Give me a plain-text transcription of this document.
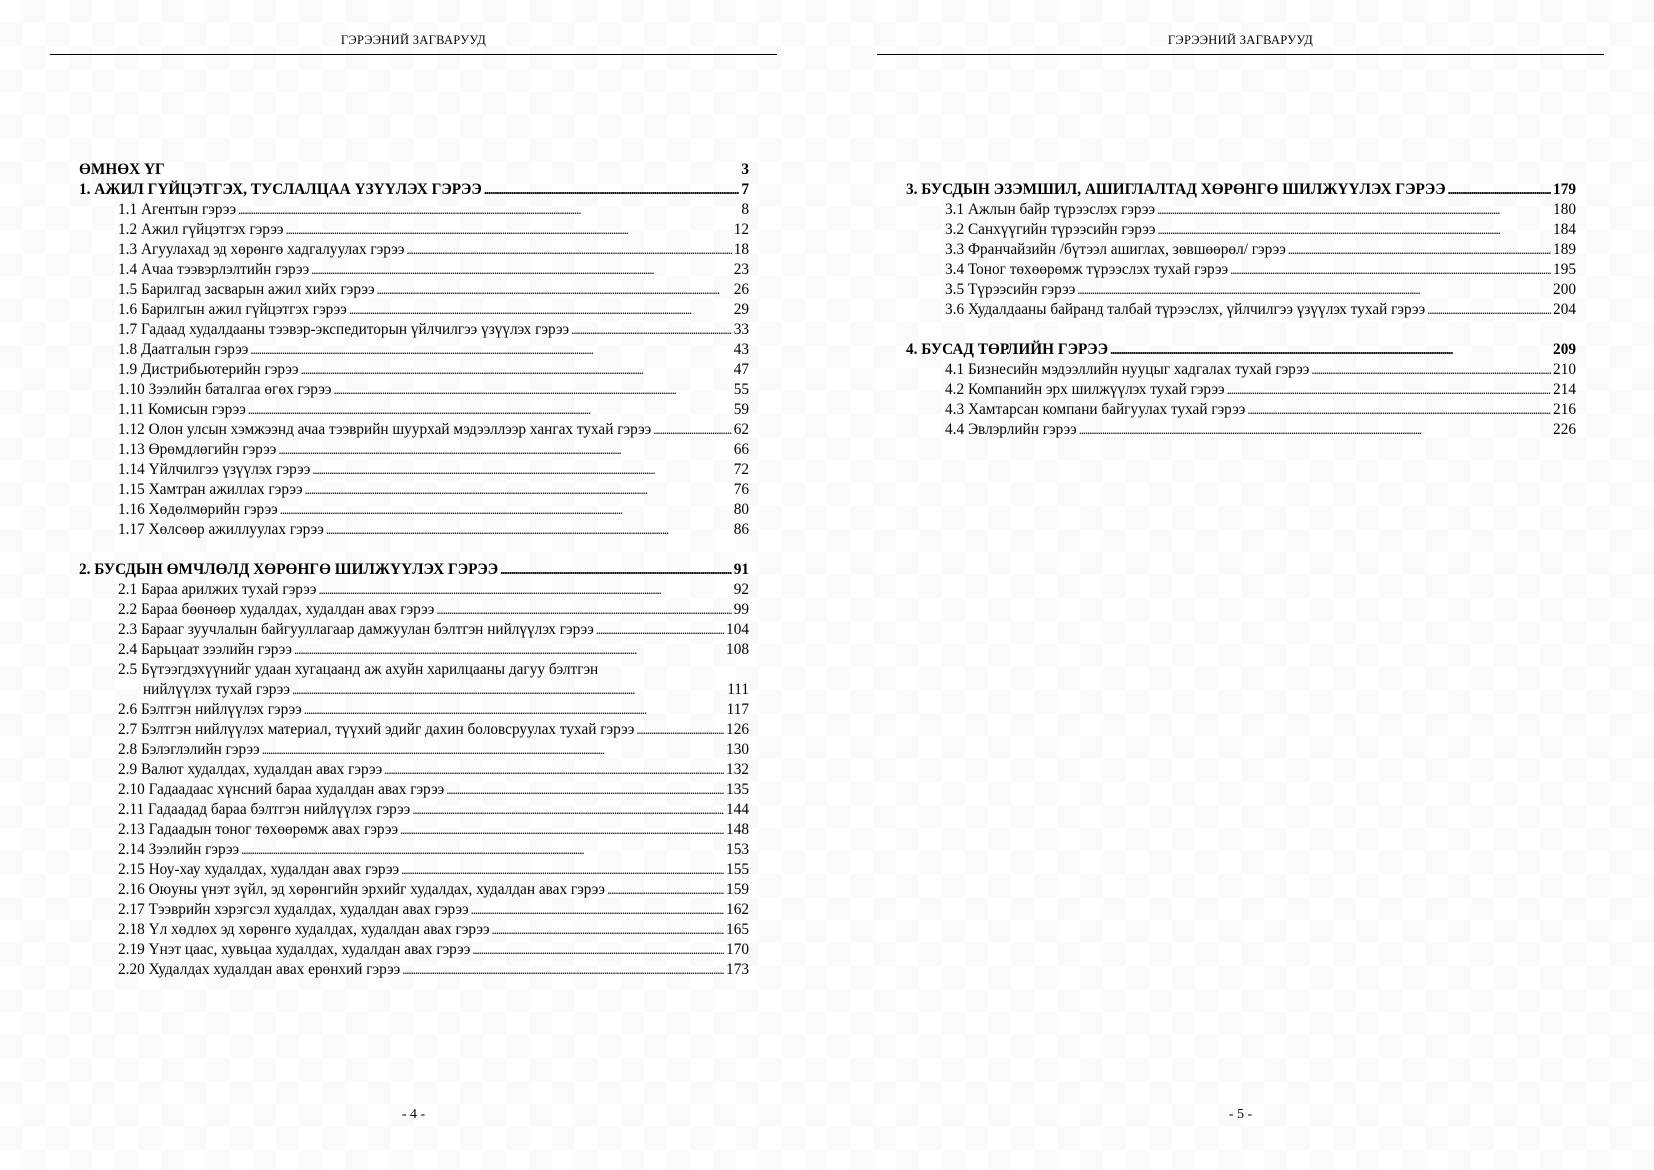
ГЭРЭЭНИЙ ЗАГВАРУУД
ӨМНӨХ ҮГ	3
1. АЖИЛ ГҮЙЦЭТГЭХ, ТУСЛАЛЦАА ҮЗҮҮЛЭХ ГЭРЭЭ . . .	7
1.1 Агентын гэрээ . . .	8
1.2 Ажил гүйцэтгэх гэрээ . . .	12
1.3 Агуулахад эд хөрөнгө хадгалуулах гэрээ . . .	18
1.4 Ачаа тээвэрлэлтийн гэрээ . . .	23
1.5 Барилгад засварын ажил хийх гэрээ . . .	26
1.6 Барилгын ажил гүйцэтгэх гэрээ . . .	29
1.7 Гадаад худалдааны тээвэр-экспедиторын үйлчилгээ үзүүлэх гэрээ . . .	33
1.8 Даатгалын гэрээ . . .	43
1.9 Дистрибьютерийн гэрээ . . .	47
1.10 Зээлийн баталгаа өгөх гэрээ . . .	55
1.11 Комисын гэрээ . . .	59
1.12 Олон улсын хэмжээнд ачаа тээврийн шуурхай мэдээллээр хангах тухай гэрээ . . .	62
1.13 Өрөмдлөгийн гэрээ . . .	66
1.14 Үйлчилгээ үзүүлэх гэрээ . . .	72
1.15 Хамтран ажиллах гэрээ . . .	76
1.16 Хөдөлмөрийн гэрээ . . .	80
1.17 Хөлсөөр ажиллуулах гэрээ . . .	86
2. БУСДЫН ӨМЧЛӨЛД ХӨРӨНГӨ ШИЛЖҮҮЛЭХ ГЭРЭЭ . . .	91
2.1 Бараа арилжих тухай гэрээ . . .	92
2.2 Бараа бөөнөөр худалдах, худалдан авах гэрээ . . .	99
2.3 Барааг зуучлалын байгууллагаар дамжуулан бэлтгэн нийлүүлэх гэрээ . . .	104
2.4 Барьцаат зээлийн гэрээ . . .	108
2.5 Бүтээгдэхүүнийг удаан хугацаанд аж ахуйн харилцааны дагуу бэлтгэн
нийлүүлэх тухай гэрээ . . .	111
2.6 Бэлтгэн нийлүүлэх гэрээ . . .	117
2.7 Бэлтгэн нийлүүлэх материал, түүхий эдийг дахин боловсруулах тухай гэрээ . . .	126
2.8 Бэлэглэлийн гэрээ . . .	130
2.9 Валют худалдах, худалдан авах гэрээ . . .	132
2.10 Гадаадаас хүнсний бараа худалдан авах гэрээ . . .	135
2.11 Гадаадад бараа бэлтгэн нийлүүлэх гэрээ . . .	144
2.13 Гадаадын тоног төхөөрөмж авах гэрээ . . .	148
2.14 Зээлийн гэрээ . . .	153
2.15 Ноу-хау худалдах, худалдан авах гэрээ . . .	155
2.16 Оюуны үнэт зүйл, эд хөрөнгийн эрхийг худалдах, худалдан авах гэрээ . . .	159
2.17 Тээврийн хэрэгсэл худалдах, худалдан авах гэрээ . . .	162
2.18 Үл хөдлөх эд хөрөнгө худалдах, худалдан авах гэрээ . . .	165
2.19 Үнэт цаас, хувьцаа худалдах, худалдан авах гэрээ . . .	170
2.20 Худалдах худалдан авах ерөнхий гэрээ . . .	173
- 4 -
ГЭРЭЭНИЙ ЗАГВАРУУД
3. БУСДЫН ЭЗЭМШИЛ, АШИГЛАЛТАД ХӨРӨНГӨ ШИЛЖҮҮЛЭХ ГЭРЭЭ . . .	179
3.1 Ажлын байр түрээслэх гэрээ . . .	180
3.2 Санхүүгийн түрээсийн гэрээ . . .	184
3.3 Франчайзийн /бүтээл ашиглах, зөвшөөрөл/ гэрээ . . .	189
3.4 Тоног төхөөрөмж түрээслэх тухай гэрээ . . .	195
3.5 Түрээсийн гэрээ . . .	200
3.6 Худалдааны байранд талбай түрээслэх, үйлчилгээ үзүүлэх тухай гэрээ . . .	204
4. БУСАД ТӨРЛИЙН ГЭРЭЭ . . .	209
4.1 Бизнесийн мэдээллийн нууцыг хадгалах тухай гэрээ . . .	210
4.2 Компанийн эрх шилжүүлэх тухай гэрээ . . .	214
4.3 Хамтарсан компани байгуулах тухай гэрээ . . .	216
4.4 Эвлэрлийн гэрээ . . .	226
- 5 -
